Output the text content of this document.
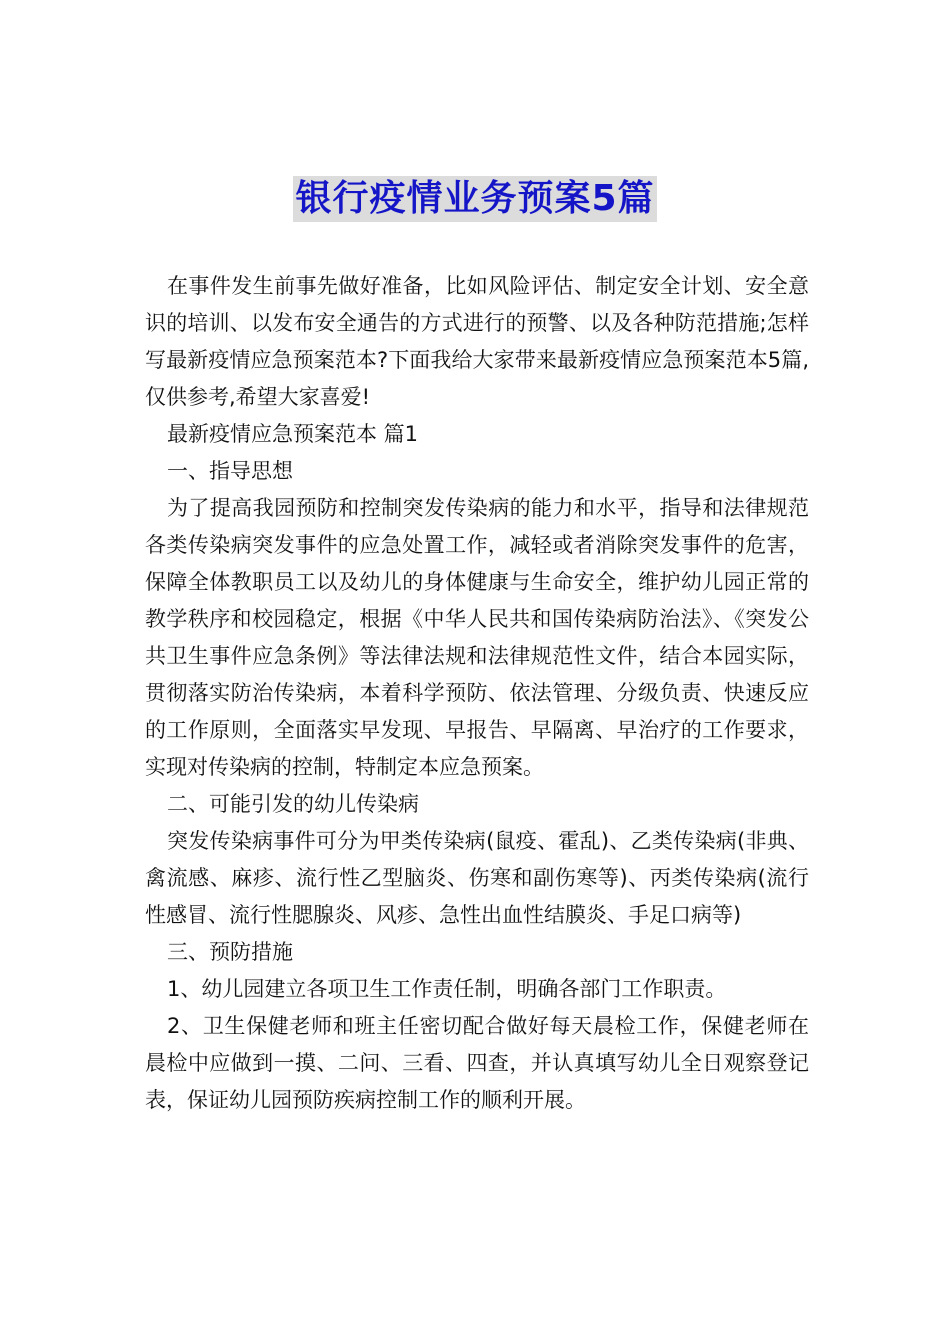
银行疫情业务预案5篇

在事件发生前事先做好准备，比如风险评估、制定安全计划、安全意识的培训、以发布安全通告的方式进行的预警、以及各种防范措施;怎样写最新疫情应急预案范本?下面我给大家带来最新疫情应急预案范本5篇,仅供参考,希望大家喜爱!

最新疫情应急预案范本 篇1

一、指导思想

为了提高我园预防和控制突发传染病的能力和水平，指导和法律规范各类传染病突发事件的应急处置工作，减轻或者消除突发事件的危害，保障全体教职员工以及幼儿的身体健康与生命安全，维护幼儿园正常的教学秩序和校园稳定，根据《中华人民共和国传染病防治法》、《突发公共卫生事件应急条例》等法律法规和法律规范性文件，结合本园实际，贯彻落实防治传染病，本着科学预防、依法管理、分级负责、快速反应的工作原则，全面落实早发现、早报告、早隔离、早治疗的工作要求，实现对传染病的控制，特制定本应急预案。

二、可能引发的幼儿传染病

突发传染病事件可分为甲类传染病(鼠疫、霍乱)、乙类传染病(非典、禽流感、麻疹、流行性乙型脑炎、伤寒和副伤寒等)、丙类传染病(流行性感冒、流行性腮腺炎、风疹、急性出血性结膜炎、手足口病等)

三、预防措施

1、幼儿园建立各项卫生工作责任制，明确各部门工作职责。

2、卫生保健老师和班主任密切配合做好每天晨检工作，保健老师在晨检中应做到一摸、二问、三看、四查，并认真填写幼儿全日观察登记表，保证幼儿园预防疾病控制工作的顺利开展。
